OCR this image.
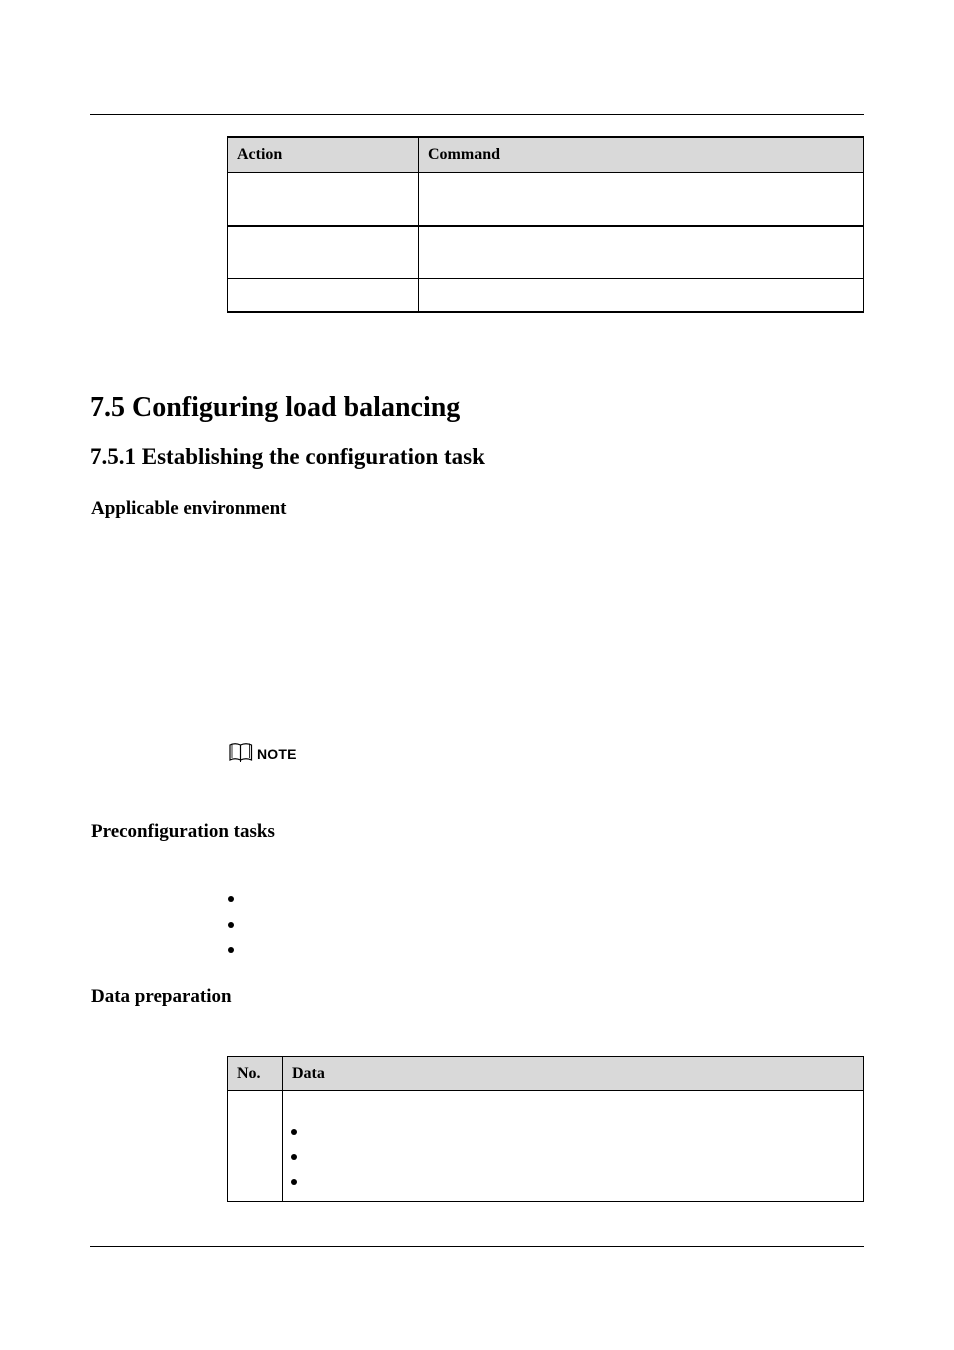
Action	Command

7.5 Configuring load balancing
7.5.1 Establishing the configuration task
Applicable environment
NOTE
Preconfiguration tasks
Data preparation
No.	Data
